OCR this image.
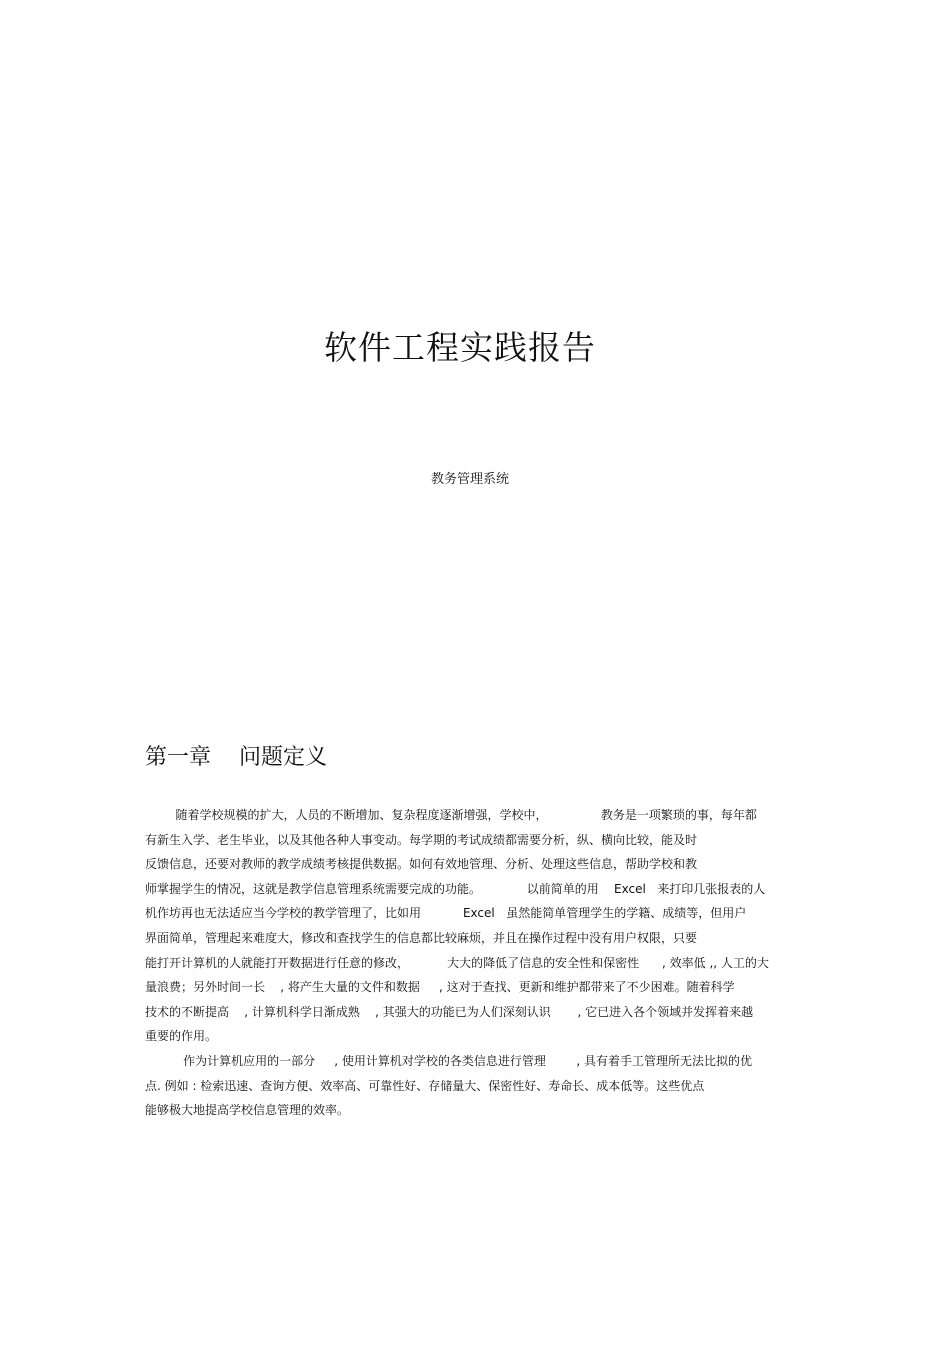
软件工程实践报告

教务管理系统

第一章    问题定义
随着学校规模的扩大，人员的不断增加、复杂程度逐渐增强，学校中，              教务是一项繁琐的事，每年都
有新生入学、老生毕业，以及其他各种人事变动。每学期的考试成绩都需要分析，纵、横向比较，能及时
反馈信息，还要对教师的教学成绩考核提供数据。如何有效地管理、分析、处理这些信息，帮助学校和教
师掌握学生的情况，这就是教学信息管理系统需要完成的功能。            以前简单的用    Excel   来打印几张报表的人
机作坊再也无法适应当今学校的教学管理了，比如用           Excel   虽然能简单管理学生的学籍、成绩等，但用户
界面简单，管理起来难度大，修改和查找学生的信息都比较麻烦，并且在操作过程中没有用户权限，只要
能打开计算机的人就能打开数据进行任意的修改，          大大的降低了信息的安全性和保密性      , 效率低 ,, 人工的大
量浪费；另外时间一长    , 将产生大量的文件和数据     , 这对于查找、更新和维护都带来了不少困难。随着科学
技术的不断提高    , 计算机科学日渐成熟    , 其强大的功能已为人们深刻认识       , 它已进入各个领域并发挥着来越
重要的作用。
作为计算机应用的一部分     , 使用计算机对学校的各类信息进行管理        , 具有着手工管理所无法比拟的优
点. 例如 : 检索迅速、查询方便、效率高、可靠性好、存储量大、保密性好、寿命长、成本低等。这些优点
能够极大地提高学校信息管理的效率。
